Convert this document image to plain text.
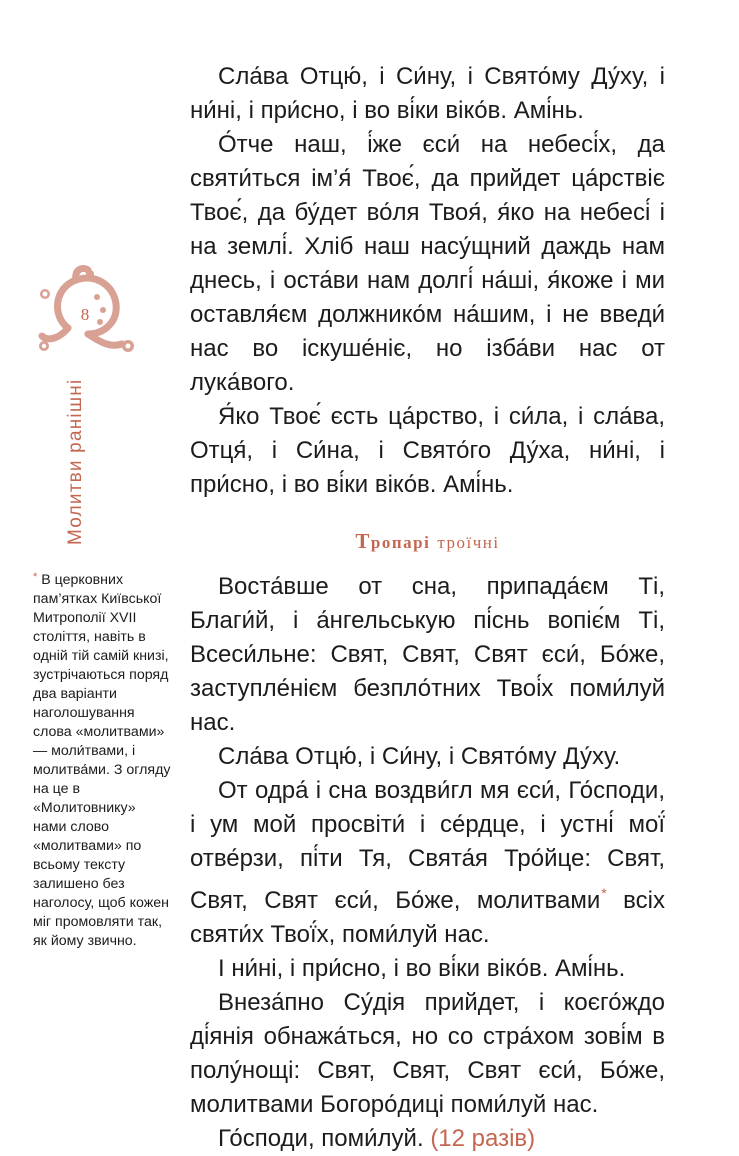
8
Молитви ранішні
* В церковних пам’ятках Київської Митрополії XVII століття, навіть в одній тій самій книзі, зустрічаються поряд два варіанти наголошування слова «молитвами» — моли́твами, і молитва́ми. З огляду на це в «Молитовнику» нами слово «молитвами» по всьому тексту залишено без наголосу, щоб кожен міг промовляти так, як йому звично.

Сла́ва Отцю́, і Си́ну, і Свято́му Ду́ху, і ни́ні, і при́сно, і во ві́ки віко́в. Амі́нь.

О́тче наш, і́же єси́ на небесі́х, да святи́ться ім’я́ Твоє́, да прийдет ца́рствіє Твоє́, да бу́дет во́ля Твоя́, я́ко на небесі́ і на землі́. Хліб наш насу́щний даждь нам днесь, і оста́ви нам долгі́ на́ші, я́коже і ми оставля́єм должнико́м на́шим, і не введи́ нас во іскуше́ніє, но ізба́ви нас от лука́вого.

Я́ко Твоє́ єсть ца́рство, і си́ла, і сла́ва, Отця́, і Си́на, і Свято́го Ду́ха, ни́ні, і при́сно, і во ві́ки віко́в. Амі́нь.

Тропарі троїчні

Воста́вше от сна, припада́єм Ті, Благи́й, і а́нгельськую пі́снь вопіє́м Ті, Всеси́льне: Свят, Свят, Свят єси́, Бо́же, заступле́нієм безпло́тних Твоі́х поми́луй нас.

Сла́ва Отцю́, і Си́ну, і Свято́му Ду́ху.

От одра́ і сна воздви́гл мя єси́, Го́споди, і ум мой просвіти́ і се́рдце, і устні́ мої́ отве́рзи, пі́ти Тя, Свята́я Тро́йце: Свят, Свят, Свят єси́, Бо́же, молитвами* всіх святи́х Твої́х, поми́луй нас.

І ни́ні, і при́сно, і во ві́ки віко́в. Амі́нь.

Внеза́пно Су́дія прийдет, і коєго́ждо ді́янія обнажа́ться, но со стра́хом зові́м в полу́нощі: Свят, Свят, Свят єси́, Бо́же, молитвами Богоро́диці поми́луй нас.

Го́споди, поми́луй. (12 разів)
